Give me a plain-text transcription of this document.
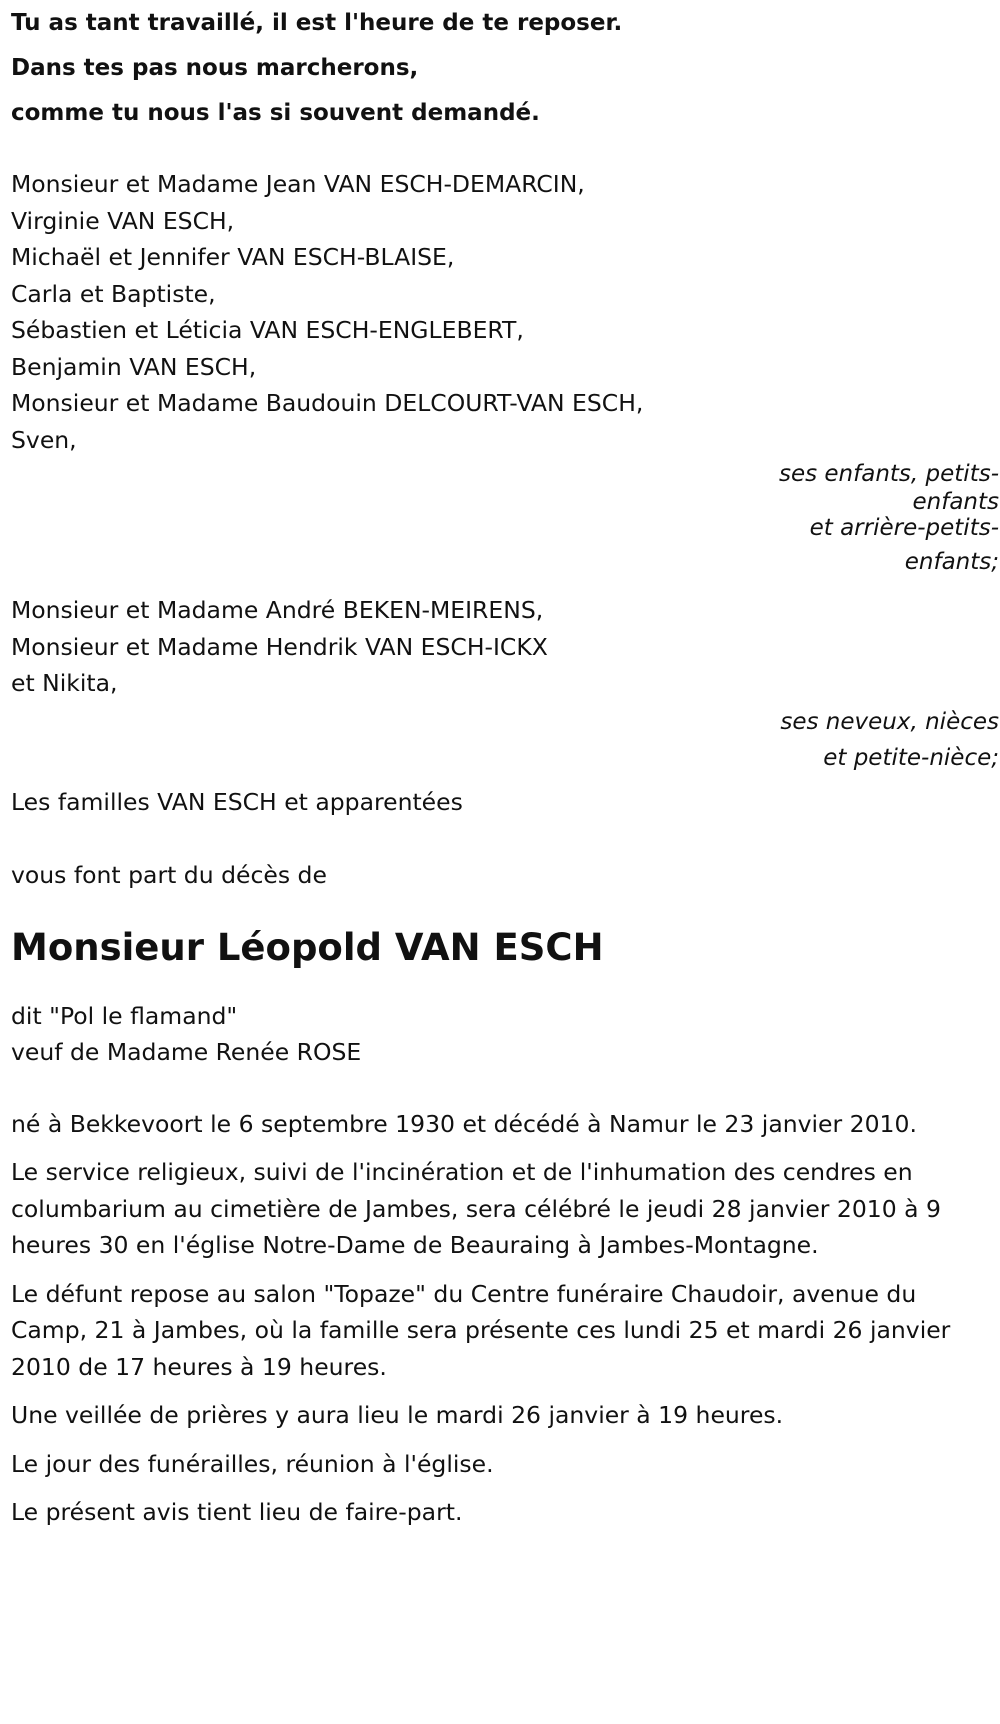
Tu as tant travaillé, il est l'heure de te reposer.
Dans tes pas nous marcherons,
comme tu nous l'as si souvent demandé.
Monsieur et Madame Jean VAN ESCH-DEMARCIN,
Virginie VAN ESCH,
Michaël et Jennifer VAN ESCH-BLAISE,
Carla et Baptiste,
Sébastien et Léticia VAN ESCH-ENGLEBERT,
Benjamin VAN ESCH,
Monsieur et Madame Baudouin DELCOURT-VAN ESCH,
Sven,
ses enfants, petits-
enfants
et arrière-petits-
enfants;
Monsieur et Madame André BEKEN-MEIRENS,
Monsieur et Madame Hendrik VAN ESCH-ICKX
et Nikita,
ses neveux, nièces
et petite-nièce;
Les familles VAN ESCH et apparentées
vous font part du décès de
Monsieur Léopold VAN ESCH
dit "Pol le flamand"
veuf de Madame Renée ROSE

né à Bekkevoort le 6 septembre 1930 et décédé à Namur le 23 janvier 2010.

Le service religieux, suivi de l'incinération et de l'inhumation des cendres en columbarium au cimetière de Jambes, sera célébré le jeudi 28 janvier 2010 à 9 heures 30 en l'église Notre-Dame de Beauraing à Jambes-Montagne.

Le défunt repose au salon "Topaze" du Centre funéraire Chaudoir, avenue du Camp, 21 à Jambes, où la famille sera présente ces lundi 25 et mardi 26 janvier 2010 de 17 heures à 19 heures.

Une veillée de prières y aura lieu le mardi 26 janvier à 19 heures.

Le jour des funérailles, réunion à l'église.

Le présent avis tient lieu de faire-part.
